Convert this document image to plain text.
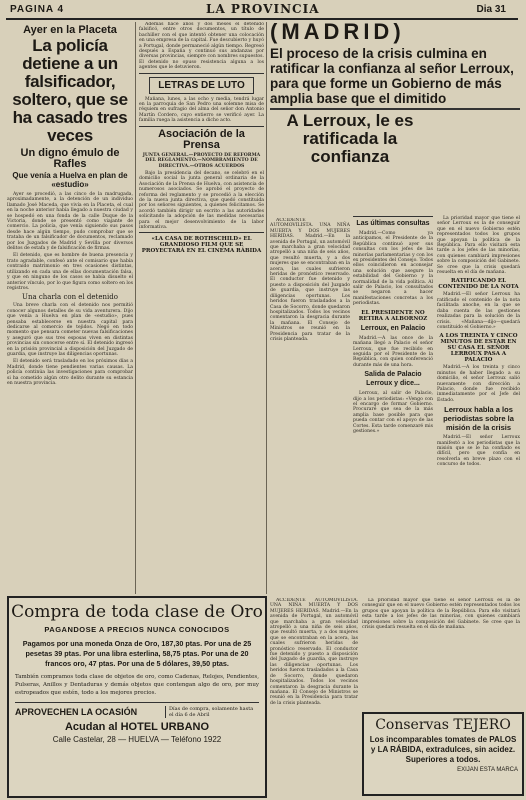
PAGINA 4	LA PROVINCIA	Dia 31
Ayer en la Placeta
La policía detiene a un falsificador, soltero, que se ha casado tres veces
Un digno émulo de Rafles
Que venía a Huelva en plan de «estudio»

Ayer se procedió, a las cinco de la madrugada, aproximadamente, a la detención de un individuo llamado José Maceda, que vivía en la Placeta, el cual en la noche anterior había llegado a nuestra ciudad y se hospedó en una fonda de la calle Duque de la Victoria, donde se presentó como viajante de comercio. La policía, que venía siguiendo sus pasos desde hace algún tiempo, pudo comprobar que se trataba de un falsificador de documentos, reclamado por los Juzgados de Madrid y Sevilla por diversos delitos de estafa y de falsificación de firmas.

El detenido, que es hombre de buena presencia y trato agradable, confesó ante el comisario que había contraído matrimonio en tres ocasiones distintas, utilizando en cada una de ellas documentación falsa, y que en ninguno de los casos se había disuelto el anterior vínculo, por lo que figura como soltero en los registros.

Una charla con el detenido

Una breve charla con el detenido nos permitió conocer algunos detalles de su vida aventurera. Dijo que venía a Huelva en plan de «estudio», pues pensaba establecerse en nuestra capital para dedicarse al comercio de tejidos. Negó en todo momento que pensara cometer nuevas falsificaciones y aseguró que sus tres esposas viven en distintas provincias sin conocerse entre sí. El detenido ingresó en la prisión provincial a disposición del Juzgado de guardia, que instruye las diligencias oportunas.

El detenido será trasladado en los próximos días a Madrid, donde tiene pendientes varias causas. La policía continúa las investigaciones para comprobar si ha cometido algún otro delito durante su estancia en nuestra provincia.

Además hace años y dos meses el detenido falsificó, entre otros documentos, un título de bachiller con el que intentó obtener una colocación en una empresa de la capital. Fue descubierto y huyó a Portugal, donde permaneció algún tiempo. Regresó después a España y continuó sus andanzas por diversas provincias, siempre con nombres supuestos. El detenido no opuso resistencia alguna a los agentes que le detuvieron.

LETRAS DE LUTO

Mañana, lunes, a las ocho y media, tendrá lugar en la parroquia de San Pedro una solemne misa de réquiem en sufragio del alma del señor don Antonio Martín Cordero, cuyo entierro se verificó ayer. La familia ruega la asistencia a dicho acto.

Asociación de la Prensa

JUNTA GENERAL.—PROYECTO DE REFORMA DEL REGLAMENTO.—NOMBRAMIENTO DE DIRECTIVA.—OTROS ACUERDOS

Bajo la presidencia del decano, se celebró en el domicilio social la junta general ordinaria de la Asociación de la Prensa de Huelva, con asistencia de numerosos asociados. Se aprobó el proyecto de reforma del reglamento y se procedió a la elección de la nueva junta directiva, que quedó constituida por los señores siguientes, a quienes felicitamos. Se acordó también dirigir un escrito a las autoridades solicitando la adopción de las medidas necesarias para el mejor desenvolvimiento de la labor informativa.

«LA CASA DE ROTHSCHILD» EL GRANDIOSO FILM QUE SE PROYECTARÁ EN EL CINEMA RÁBIDA
(MADRID)
El proceso de la crisis culmina en ratificar la confianza al señor Lerroux, para que forme un Gobierno de más amplia base que el dimitido
A Lerroux, le es ratificada la confianza

ACCIDENTE AUTOMOVILISTA. UNA NIÑA MUERTA Y DOS MUJERES HERIDAS. Madrid.—En la avenida de Portugal, un automóvil que marchaba a gran velocidad atropelló a una niña de seis años, que resultó muerta, y a dos mujeres que se encontraban en la acera, las cuales sufrieron heridas de pronóstico reservado. El conductor fue detenido y puesto a disposición del Juzgado de guardia, que instruye las diligencias oportunas. Los heridos fueron trasladados a la Casa de Socorro, donde quedaron hospitalizados. Todos los vecinos comentaron la desgracia durante la mañana. El Consejo de Ministros se reunió en la Presidencia para tratar de la crisis planteada.

Las últimas consultas

Madrid.—Como ya anticipamos, el Presidente de la República continuó ayer sus consultas con los jefes de las minorías parlamentarias y con los ex presidentes del Consejo. Todos ellos coincidieron en aconsejar una solución que asegure la estabilidad del Gobierno y la normalidad de la vida política. Al salir de Palacio, los consultados se negaron a hacer manifestaciones concretas a los periodistas.

EL PRESIDENTE NO RETIRA A ALBORNOZ
Lerroux, en Palacio

Madrid.—A las once de la mañana llegó a Palacio el señor Lerroux, que fue recibido en seguida por el Presidente de la República, con quien conferenció durante más de una hora.

Salida de Palacio Lerroux y dice...

Lerroux, al salir de Palacio, dijo a los periodistas: «Vengo con el encargo de formar Gobierno. Procuraré que sea de la más amplia base posible para que pueda contar con el apoyo de las Cortes. Esta tarde comenzaré mis gestiones.»

La prioridad mayor que tiene el señor Lerroux es la de conseguir que en el nuevo Gobierno estén representados todos los grupos que apoyan la política de la República. Para ello visitará esta tarde a los jefes de las minorías, con quienes cambiará impresiones sobre la composición del Gabinete. Se cree que la crisis quedará resuelta en el día de mañana.

RATIFICANDO EL CONTENIDO DE LA NOTA

Madrid.—El señor Lerroux ha ratificado el contenido de la nota facilitada anoche, en la que se daba cuenta de las gestiones realizadas para la solución de la crisis. «Mañana—dijo—quedará constituido el Gobierno.»

A LOS TREINTA Y CINCO MINUTOS DE ESTAR EN SU CASA EL SEÑOR LERROUX PASA A PALACIO

Madrid.—A los treinta y cinco minutos de haber llegado a su domicilio, el señor Lerroux salió nuevamente con dirección a Palacio, donde fue recibido inmediatamente por el Jefe del Estado.

Lerroux habla a los periodistas sobre la misión de la crisis

Madrid.—El señor Lerroux manifestó a los periodistas que la misión que se le ha confiado es difícil, pero que confía en resolverla en breve plazo con el concurso de todos.

Compra de toda clase de Oro
PAGANDOSE A PRECIOS NUNCA CONOCIDOS
Pagamos por una moneda Onza de Oro, 187,30 ptas. Por una de 25 pesetas 39 ptas. Por una libra esterlina, 58,75 ptas. Por una de 20 francos oro, 47 ptas. Por una de 5 dólares, 39,50 ptas.
También compramos toda clase de objetos de oro, como Cadenas, Relojes, Pendientes, Pulseras, Anillos y Dentaduras y demás objetos que contengan algo de oro, por muy estropeados que estén, todo a los mejores precios.
APROVECHEN LA OCASIÓN	Días de compra, solamente hasta el día 6 de Abril
Acudan al HOTEL URBANO
Calle Castelar, 28 — HUELVA — Teléfono 1922
Conservas TEJERO
Los incomparables tomates de PALOS y LA RÁBIDA, extradulces, sin acidez. Superiores a todos.
EXIJAN ESTA MARCA

ACCIDENTE AUTOMOVILISTA. UNA NIÑA MUERTA Y DOS MUJERES HERIDAS. Madrid.—En la avenida de Portugal, un automóvil que marchaba a gran velocidad atropelló a una niña de seis años, que resultó muerta, y a dos mujeres que se encontraban en la acera, las cuales sufrieron heridas de pronóstico reservado. El conductor fue detenido y puesto a disposición del Juzgado de guardia, que instruye las diligencias oportunas. Los heridos fueron trasladados a la Casa de Socorro, donde quedaron hospitalizados. Todos los vecinos comentaron la desgracia durante la mañana. El Consejo de Ministros se reunió en la Presidencia para tratar de la crisis planteada.

La prioridad mayor que tiene el señor Lerroux es la de conseguir que en el nuevo Gobierno estén representados todos los grupos que apoyan la política de la República. Para ello visitará esta tarde a los jefes de las minorías, con quienes cambiará impresiones sobre la composición del Gabinete. Se cree que la crisis quedará resuelta en el día de mañana.
